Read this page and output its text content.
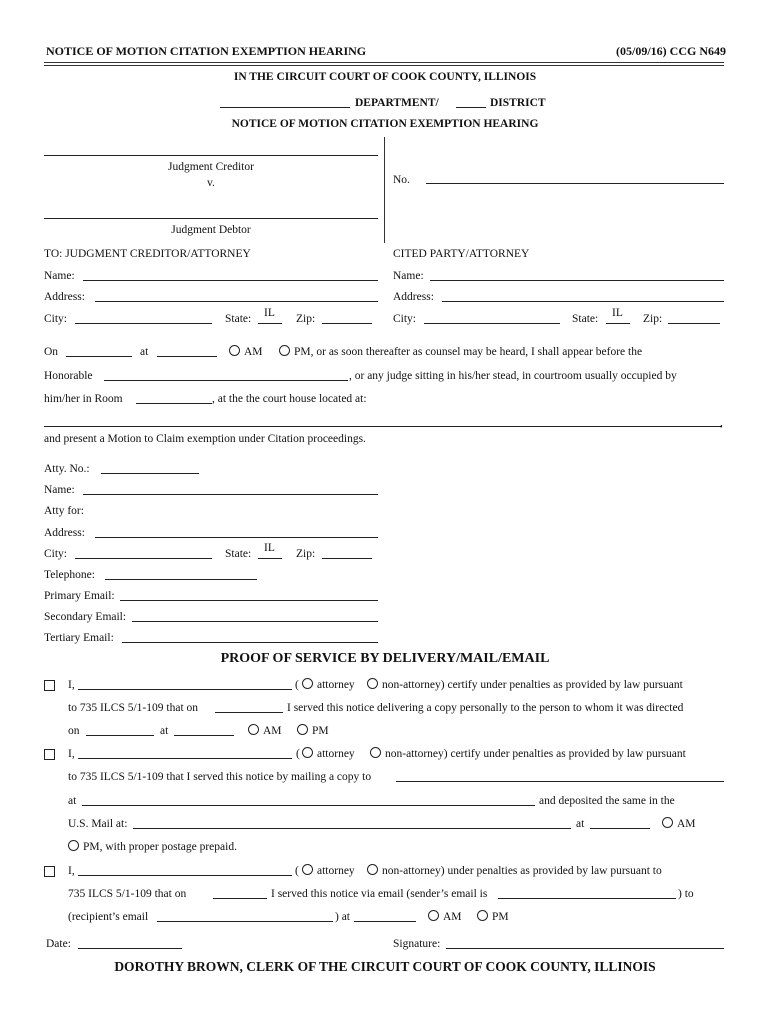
NOTICE OF MOTION CITATION EXEMPTION HEARING	(05/09/16) CCG N649
IN THE CIRCUIT COURT OF COOK COUNTY, ILLINOIS
DEPARTMENT/	DISTRICT
NOTICE OF MOTION CITATION EXEMPTION HEARING
Judgment Creditor
v.
Judgment Debtor
No.
TO: JUDGMENT CREDITOR/ATTORNEY	CITED PARTY/ATTORNEY
Name:	Name:
Address:	Address:
City:	State: IL Zip:	City:	State: IL Zip:
On	at	AM	PM, or as soon thereafter as counsel may be heard, I shall appear before the
Honorable	, or any judge sitting in his/her stead, in courtroom usually occupied by
him/her in Room	, at the the court house located at:
,
and present a Motion to Claim exemption under Citation proceedings.
Atty. No.:
Name:
Atty for:
Address:
City:	State: IL Zip:
Telephone:
Primary Email:
Secondary Email:
Tertiary Email:
PROOF OF SERVICE BY DELIVERY/MAIL/EMAIL
I,	(	attorney	non-attorney) certify under penalties as provided by law pursuant
to 735 ILCS 5/1-109 that on	I served this notice delivering a copy personally to the person to whom it was directed
on	at	AM	PM
I,	(	attorney	non-attorney) certify under penalties as provided by law pursuant
to 735 ILCS 5/1-109 that I served this notice by mailing a copy to
at	and deposited the same in the
U.S. Mail at:	at	AM
PM, with proper postage prepaid.
I,	(	attorney	non-attorney) under penalties as provided by law pursuant to
735 ILCS 5/1-109 that on	I served this notice via email (sender’s email is	) to
(recipient’s email	) at	AM	PM
Date:	Signature:
DOROTHY BROWN, CLERK OF THE CIRCUIT COURT OF COOK COUNTY, ILLINOIS
